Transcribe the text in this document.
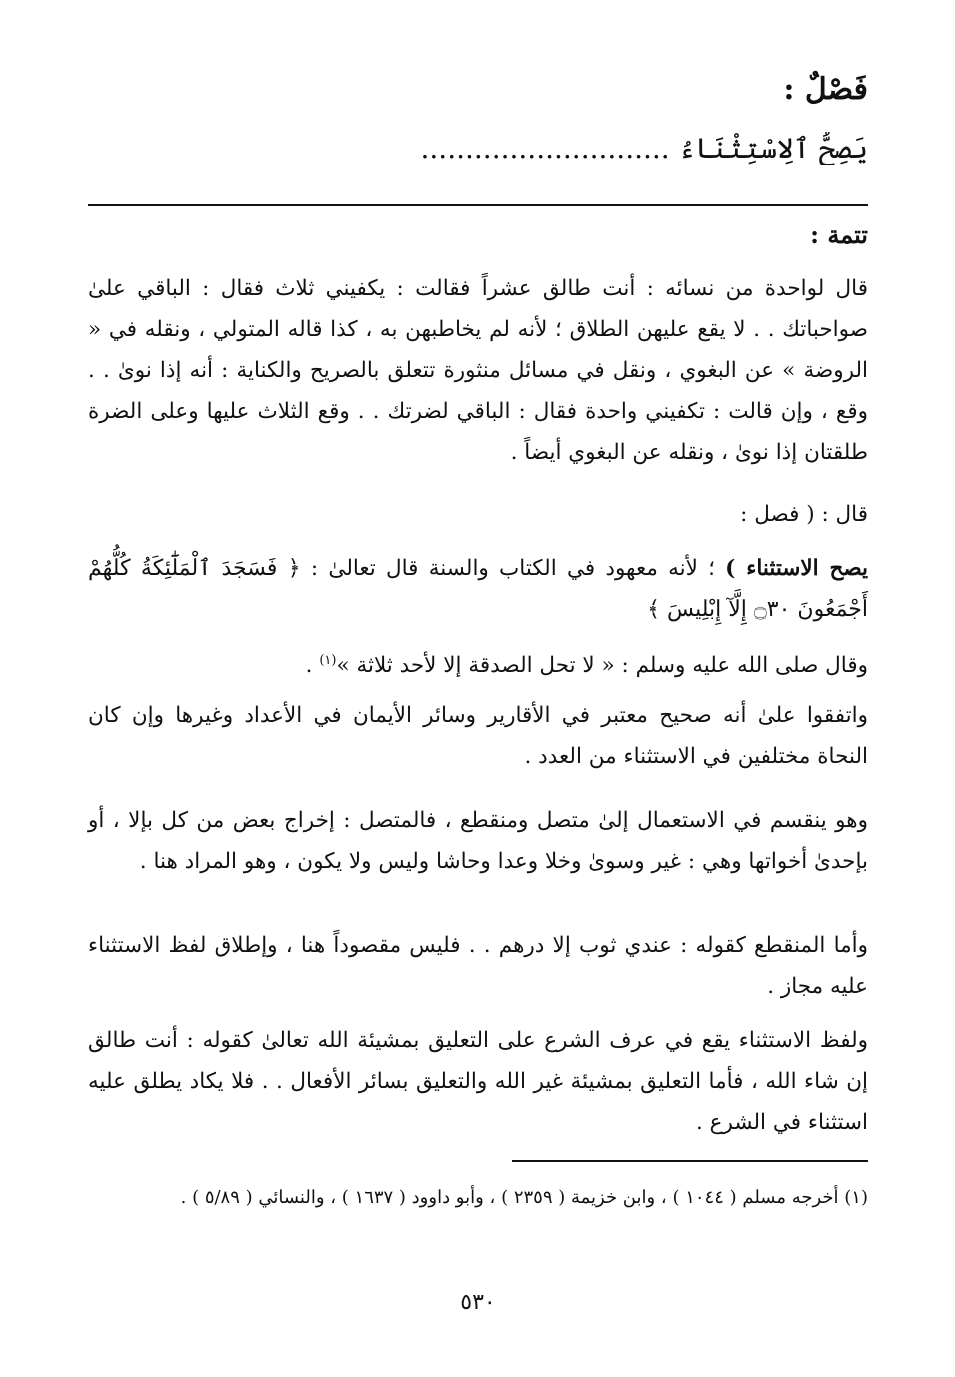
فَصْلٌ :
يَصِحُّ ٱلِاسْتِثْنَاءُ ............................
تتمة :
قال لواحدة من نسائه : أنت طالق عشراً فقالت : يكفيني ثلاث فقال : الباقي علىٰ صواحباتك . . لا يقع عليهن الطلاق ؛ لأنه لم يخاطبهن به ، كذا قاله المتولي ، ونقله في « الروضة » عن البغوي ، ونقل في مسائل منثورة تتعلق بالصريح والكناية : أنه إذا نوىٰ . . وقع ، وإن قالت : تكفيني واحدة فقال : الباقي لضرتك . . وقع الثلاث عليها وعلى الضرة طلقتان إذا نوىٰ ، ونقله عن البغوي أيضاً .
قال : ( فصل :
يصح الاستثناء ) ؛ لأنه معهود في الكتاب والسنة قال تعالىٰ : ﴿ فَسَجَدَ ٱلْمَلَٰٓئِكَةُ كُلُّهُمْ أَجْمَعُونَ ۝٣٠ إِلَّآ إِبْلِيسَ ﴾
وقال صلى الله عليه وسلم : « لا تحل الصدقة إلا لأحد ثلاثة »$^{(١)}$ .
واتفقوا علىٰ أنه صحيح معتبر في الأقارير وسائر الأيمان في الأعداد وغيرها وإن كان النحاة مختلفين في الاستثناء من العدد .
وهو ينقسم في الاستعمال إلىٰ متصل ومنقطع ، فالمتصل : إخراج بعض من كل بإلا ، أو بإحدىٰ أخواتها وهي : غير وسوىٰ وخلا وعدا وحاشا وليس ولا يكون ، وهو المراد هنا .
وأما المنقطع كقوله : عندي ثوب إلا درهم . . فليس مقصوداً هنا ، وإطلاق لفظ الاستثناء عليه مجاز .
ولفظ الاستثناء يقع في عرف الشرع على التعليق بمشيئة الله تعالىٰ كقوله : أنت طالق إن شاء الله ، فأما التعليق بمشيئة غير الله والتعليق بسائر الأفعال . . فلا يكاد يطلق عليه استثناء في الشرع .
(١) أخرجه مسلم ( ١٠٤٤ ) ، وابن خزيمة ( ٢٣٥٩ ) ، وأبو داوود ( ١٦٣٧ ) ، والنسائي ( ٥/٨٩ ) .
٥٣٠
